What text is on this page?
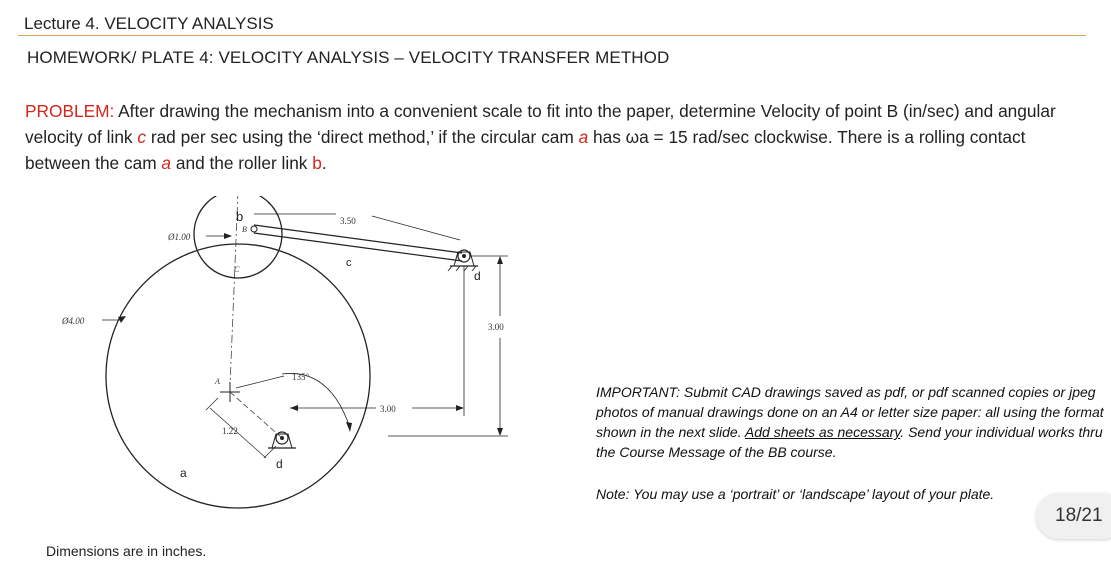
Lecture 4. VELOCITY ANALYSIS
HOMEWORK/ PLATE 4: VELOCITY ANALYSIS – VELOCITY TRANSFER METHOD
PROBLEM: After drawing the mechanism into a convenient scale to fit into the paper, determine Velocity of point B (in/sec) and angular velocity of link c rad per sec using the ‘direct method,’ if the circular cam a has ωa = 15 rad/sec clockwise. There is a rolling contact between the cam a and the roller link b.
Ø1.00
Ø4.00
3.50
3.00
3.00
1.22
135°
b
B
C
c
d
d
A
a
IMPORTANT: Submit CAD drawings saved as pdf, or pdf scanned copies or jpeg photos of manual drawings done on an A4 or letter size paper: all using the format shown in the next slide. Add sheets as necessary. Send your individual works thru the Course Message of the BB course.
Note: You may use a ‘portrait’ or ‘landscape’ layout of your plate.
18/21
Dimensions are in inches.
